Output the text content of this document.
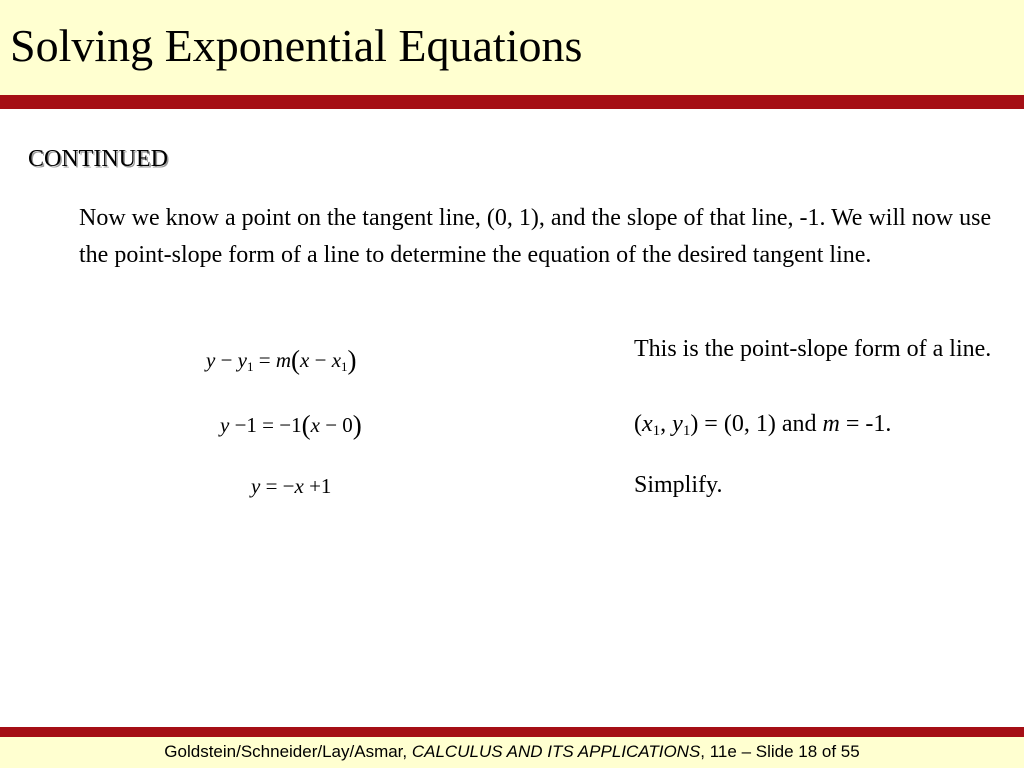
Solving Exponential Equations
CONTINUED

Now we know a point on the tangent line, (0, 1), and the slope of that line, -1. We will now use the point-slope form of a line to determine the equation of the desired tangent line.

$y - y_1 = m(x - x_1)$
y −1 = −1(x − 0)
y = −x +1
This is the point-slope form of a line.
($x_1$, $y_1) = (0$, 1) and m = -1.
Simplify.
Goldstein/Schneider/Lay/Asmar, CALCULUS AND ITS APPLICATIONS, 11e – Slide 18 of 55
